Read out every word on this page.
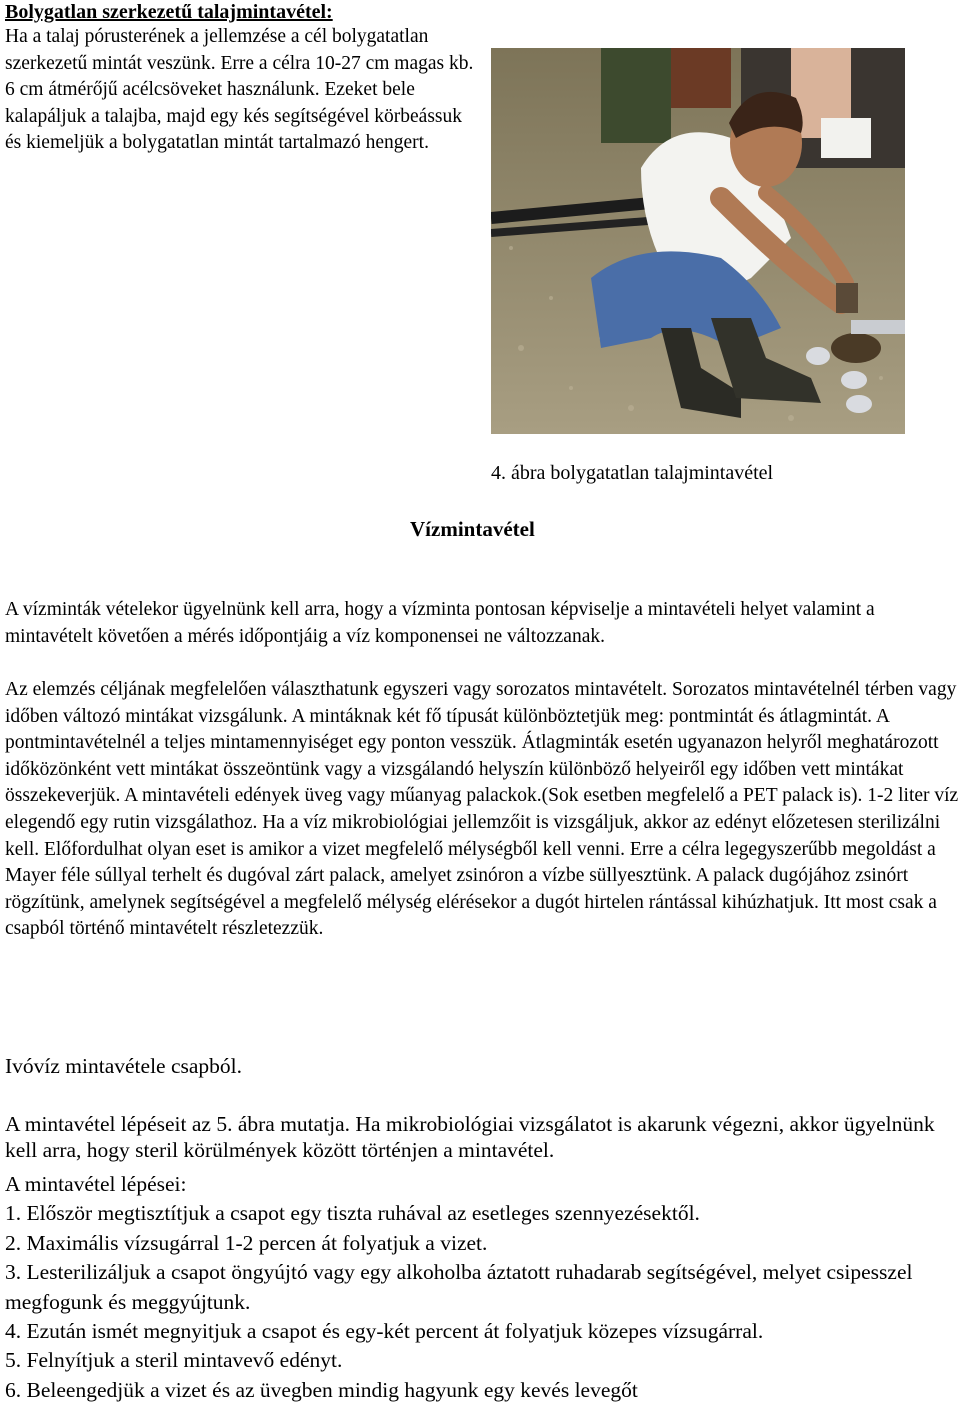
Bolygatlan szerkezetű talajmintavétel:

Ha a talaj pórusterének a jellemzése a cél bolygatatlan szerkezetű mintát veszünk. Erre a célra 10-27 cm magas kb. 6 cm átmérőjű acélcsöveket használunk. Ezeket bele kalapáljuk a talajba, majd egy kés segítségével körbeássuk és kiemeljük a bolygatatlan mintát tartalmazó hengert.

4. ábra bolygatatlan talajmintavétel

Vízmintavétel

A vízminták vételekor ügyelnünk kell arra, hogy a vízminta pontosan képviselje a mintavételi helyet valamint a mintavételt követően a mérés időpontjáig a víz komponensei ne változzanak.

Az elemzés céljának megfelelően választhatunk egyszeri vagy sorozatos mintavételt. Sorozatos mintavételnél térben vagy időben változó mintákat vizsgálunk. A mintáknak két fő típusát különböztetjük meg: pontmintát és átlagmintát. A pontmintavételnél a teljes mintamennyiséget egy ponton vesszük. Átlagminták esetén ugyanazon helyről meghatározott időközönként vett mintákat összeöntünk vagy a vizsgálandó helyszín különböző helyeiről egy időben vett mintákat összekeverjük. A mintavételi edények üveg vagy műanyag palackok.(Sok esetben megfelelő a PET palack is). 1-2 liter víz elegendő egy rutin vizsgálathoz. Ha a víz mikrobiológiai jellemzőit is vizsgáljuk, akkor az edényt előzetesen sterilizálni kell. Előfordulhat olyan eset is amikor a vizet megfelelő mélységből kell venni. Erre a célra legegyszerűbb megoldást a Mayer féle súllyal terhelt és dugóval zárt palack, amelyet zsinóron a vízbe süllyesztünk. A palack dugójához zsinórt rögzítünk, amelynek segítségével a megfelelő mélység elérésekor a dugót hirtelen rántással kihúzhatjuk. Itt most csak a csapból történő mintavételt részletezzük.

Ivóvíz mintavétele csapból.

A mintavétel lépéseit az 5. ábra mutatja. Ha mikrobiológiai vizsgálatot is akarunk végezni, akkor ügyelnünk kell arra, hogy steril körülmények között történjen a mintavétel.

A mintavétel lépései:
1. Először megtisztítjuk a csapot egy tiszta ruhával az esetleges szennyezésektől.
2. Maximális vízsugárral 1-2 percen át folyatjuk a vizet.
3. Lesterilizáljuk a csapot öngyújtó vagy egy alkoholba áztatott ruhadarab segítségével, melyet csipesszel megfogunk és meggyújtunk.
4. Ezután ismét megnyitjuk a csapot és egy-két percent át folyatjuk közepes vízsugárral.
5. Felnyítjuk a steril mintavevő edényt.
6. Beleengedjük a vizet és az üvegben mindig hagyunk egy kevés levegőt
